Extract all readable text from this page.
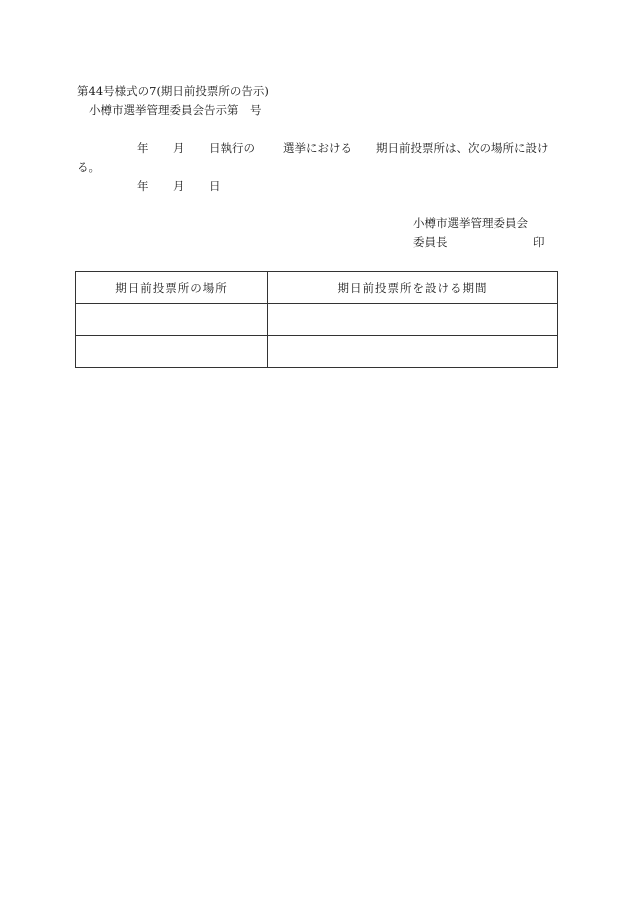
第44号様式の7(期日前投票所の告示)
小樽市選挙管理委員会告示第　号
年 月 日執行の 選挙における 期日前投票所は、次の場所に設け
る。
年 月 日
小樽市選挙管理委員会
委員長	印
期日前投票所の場所	期日前投票所を設ける期間
